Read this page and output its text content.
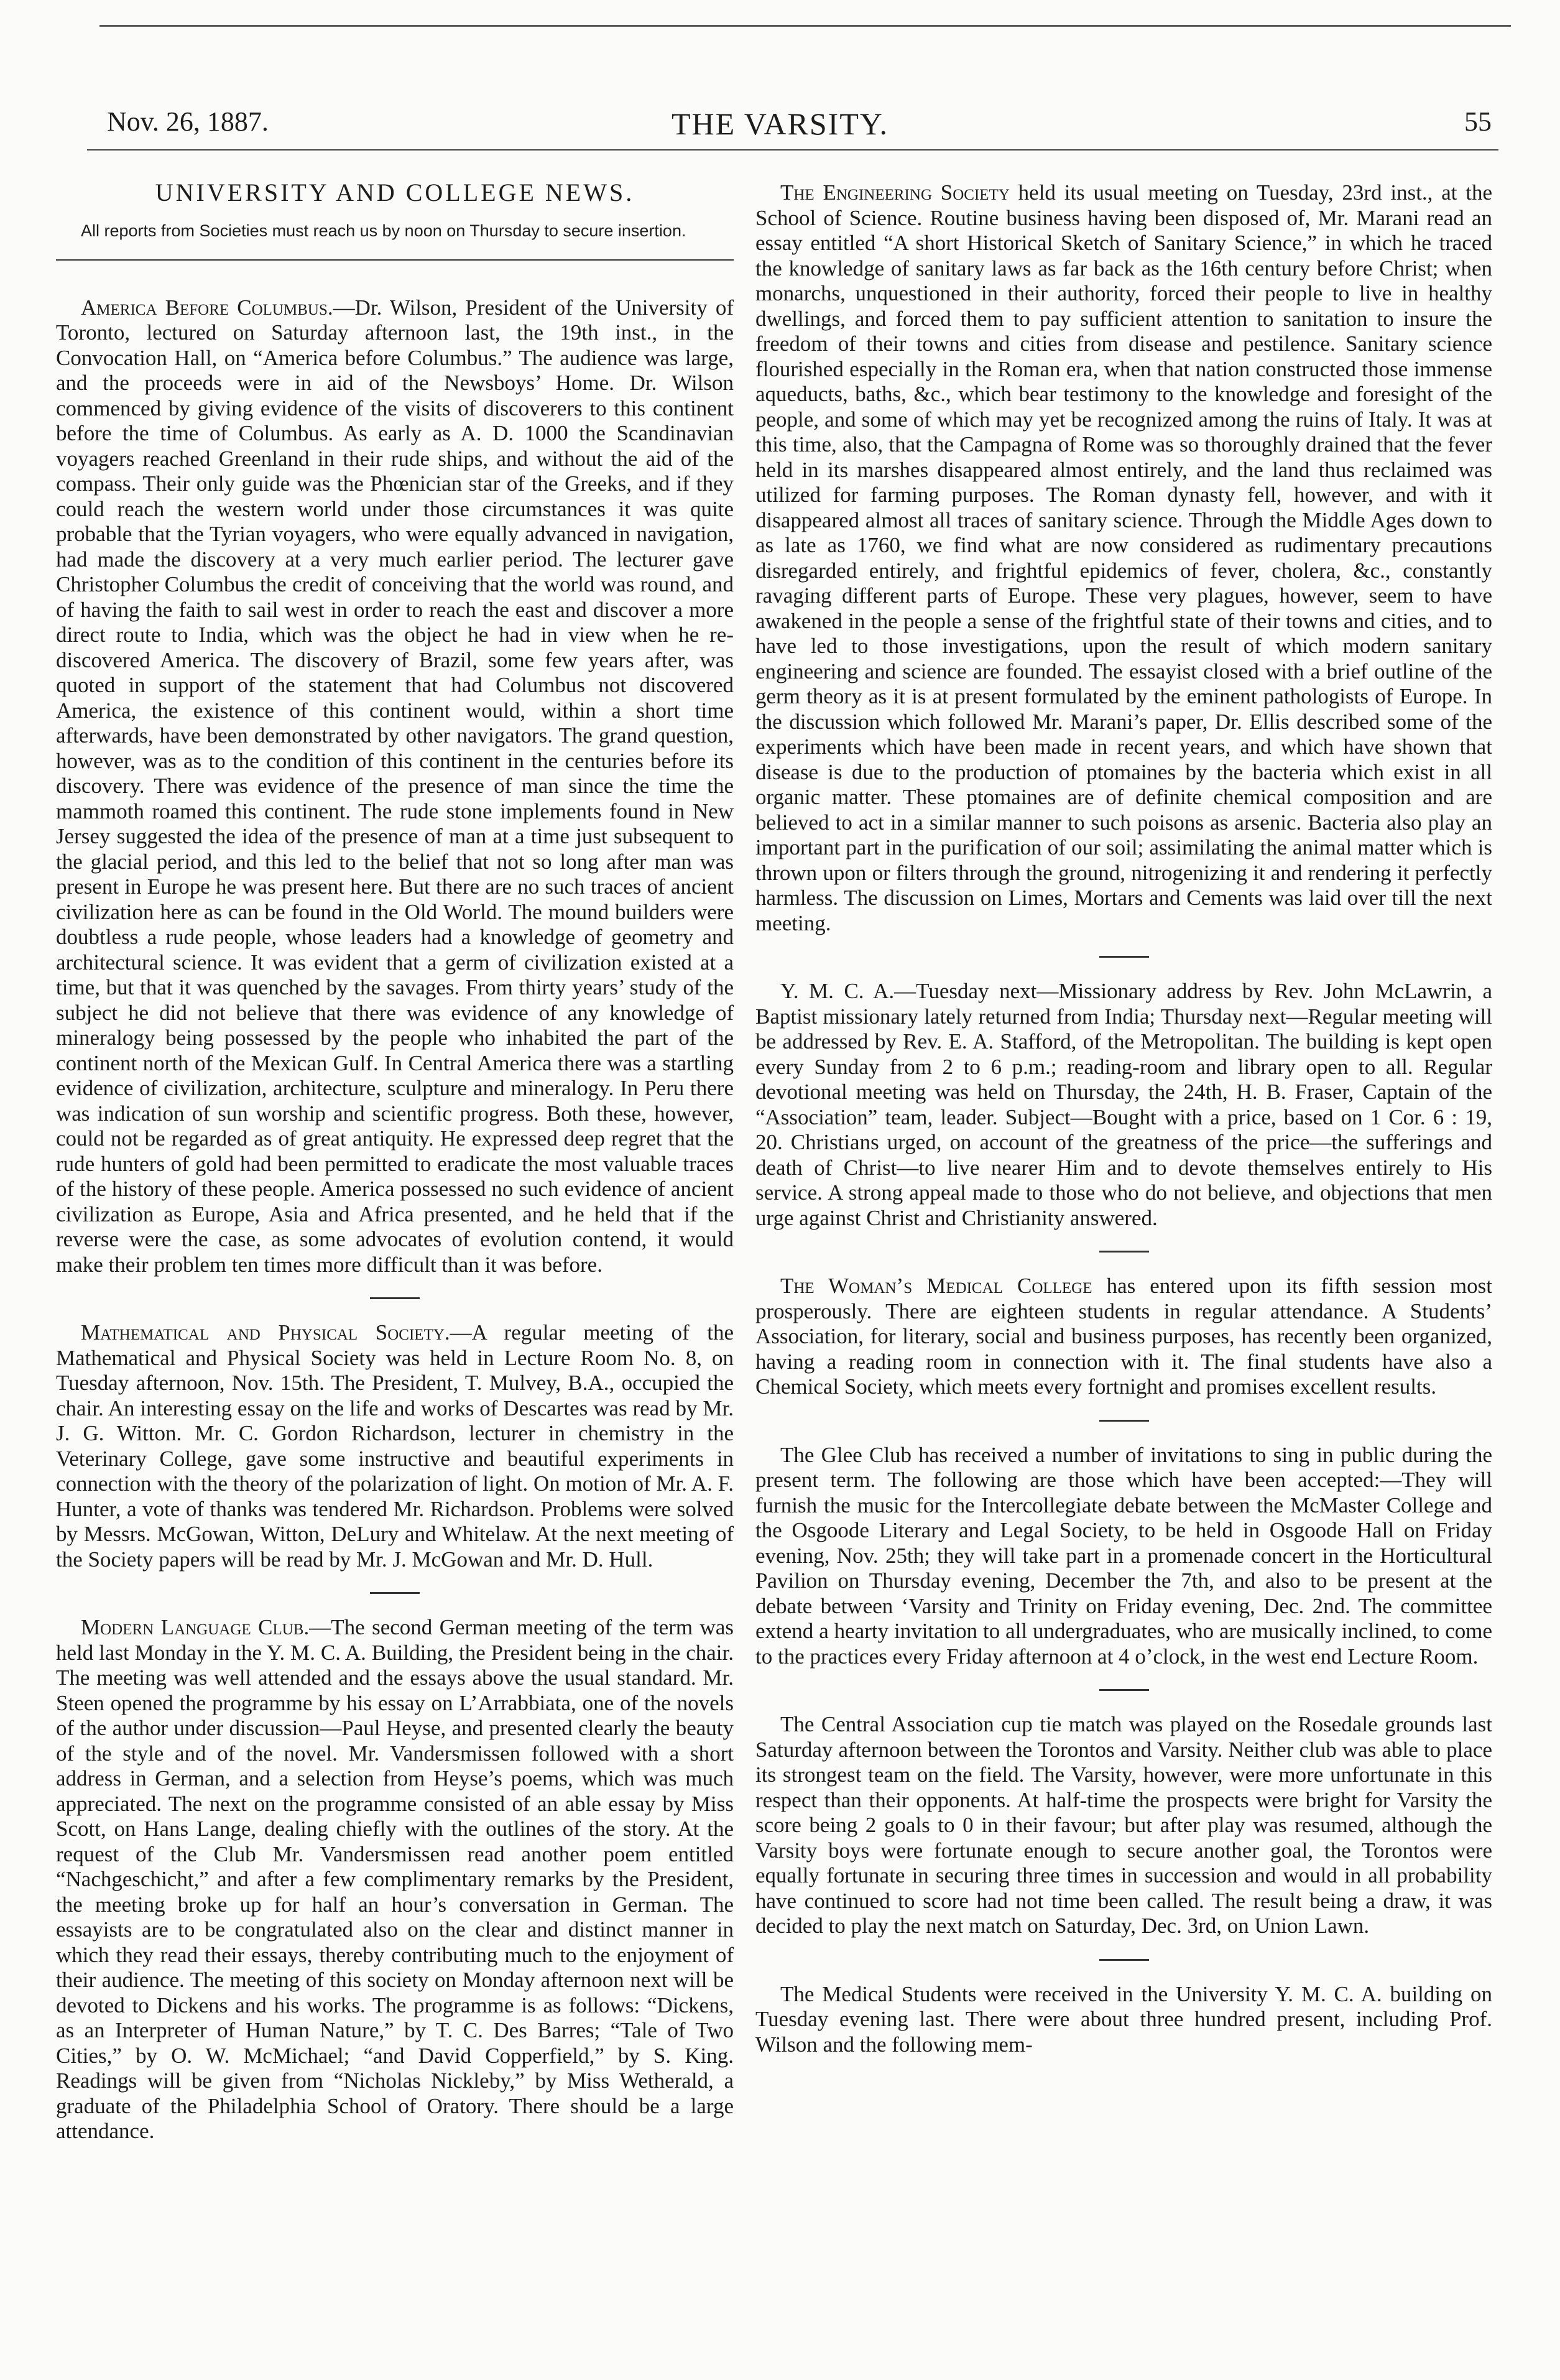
Nov. 26, 1887.	THE VARSITY.	55
UNIVERSITY AND COLLEGE NEWS.
All reports from Societies must reach us by noon on Thursday to secure insertion.

America Before Columbus.—Dr. Wilson, President of the University of Toronto, lectured on Saturday afternoon last, the 19th inst., in the Convocation Hall, on “America before Columbus.” The audience was large, and the proceeds were in aid of the Newsboys’ Home. Dr. Wilson commenced by giving evidence of the visits of discoverers to this continent before the time of Columbus. As early as A. D. 1000 the Scandinavian voyagers reached Greenland in their rude ships, and without the aid of the compass. Their only guide was the Phœnician star of the Greeks, and if they could reach the western world under those circumstances it was quite probable that the Tyrian voyagers, who were equally advanced in navigation, had made the discovery at a very much earlier period. The lecturer gave Christopher Columbus the credit of conceiving that the world was round, and of having the faith to sail west in order to reach the east and discover a more direct route to India, which was the object he had in view when he re-discovered America. The discovery of Brazil, some few years after, was quoted in support of the statement that had Columbus not discovered America, the existence of this continent would, within a short time afterwards, have been demonstrated by other navigators. The grand question, however, was as to the condition of this continent in the centuries before its discovery. There was evidence of the presence of man since the time the mammoth roamed this continent. The rude stone implements found in New Jersey suggested the idea of the presence of man at a time just subsequent to the glacial period, and this led to the belief that not so long after man was present in Europe he was present here. But there are no such traces of ancient civilization here as can be found in the Old World. The mound builders were doubtless a rude people, whose leaders had a knowledge of geometry and architectural science. It was evident that a germ of civilization existed at a time, but that it was quenched by the savages. From thirty years’ study of the subject he did not believe that there was evidence of any knowledge of mineralogy being possessed by the people who inhabited the part of the continent north of the Mexican Gulf. In Central America there was a startling evidence of civilization, architecture, sculpture and mineralogy. In Peru there was indication of sun worship and scientific progress. Both these, however, could not be regarded as of great antiquity. He expressed deep regret that the rude hunters of gold had been permitted to eradicate the most valuable traces of the history of these people. America possessed no such evidence of ancient civilization as Europe, Asia and Africa presented, and he held that if the reverse were the case, as some advocates of evolution contend, it would make their problem ten times more difficult than it was before.

Mathematical and Physical Society.—A regular meeting of the Mathematical and Physical Society was held in Lecture Room No. 8, on Tuesday afternoon, Nov. 15th. The President, T. Mulvey, B.A., occupied the chair. An interesting essay on the life and works of Descartes was read by Mr. J. G. Witton. Mr. C. Gordon Richardson, lecturer in chemistry in the Veterinary College, gave some instructive and beautiful experiments in connection with the theory of the polarization of light. On motion of Mr. A. F. Hunter, a vote of thanks was tendered Mr. Richardson. Problems were solved by Messrs. McGowan, Witton, DeLury and Whitelaw. At the next meeting of the Society papers will be read by Mr. J. McGowan and Mr. D. Hull.

Modern Language Club.—The second German meeting of the term was held last Monday in the Y. M. C. A. Building, the President being in the chair. The meeting was well attended and the essays above the usual standard. Mr. Steen opened the programme by his essay on L’Arrabbiata, one of the novels of the author under discussion—Paul Heyse, and presented clearly the beauty of the style and of the novel. Mr. Vandersmissen followed with a short address in German, and a selection from Heyse’s poems, which was much appreciated. The next on the programme consisted of an able essay by Miss Scott, on Hans Lange, dealing chiefly with the outlines of the story. At the request of the Club Mr. Vandersmissen read another poem entitled “Nachgeschicht,” and after a few complimentary remarks by the President, the meeting broke up for half an hour’s conversation in German. The essayists are to be congratulated also on the clear and distinct manner in which they read their essays, thereby contributing much to the enjoyment of their audience. The meeting of this society on Monday afternoon next will be devoted to Dickens and his works. The programme is as follows: “Dickens, as an Interpreter of Human Nature,” by T. C. Des Barres; “Tale of Two Cities,” by O. W. McMichael; “and David Copperfield,” by S. King. Readings will be given from “Nicholas Nickleby,” by Miss Wetherald, a graduate of the Philadelphia School of Oratory. There should be a large attendance.

The Engineering Society held its usual meeting on Tuesday, 23rd inst., at the School of Science. Routine business having been disposed of, Mr. Marani read an essay entitled “A short Historical Sketch of Sanitary Science,” in which he traced the knowledge of sanitary laws as far back as the 16th century before Christ; when monarchs, unquestioned in their authority, forced their people to live in healthy dwellings, and forced them to pay sufficient attention to sanitation to insure the freedom of their towns and cities from disease and pestilence. Sanitary science flourished especially in the Roman era, when that nation constructed those immense aqueducts, baths, &c., which bear testimony to the knowledge and foresight of the people, and some of which may yet be recognized among the ruins of Italy. It was at this time, also, that the Campagna of Rome was so thoroughly drained that the fever held in its marshes disappeared almost entirely, and the land thus reclaimed was utilized for farming purposes. The Roman dynasty fell, however, and with it disappeared almost all traces of sanitary science. Through the Middle Ages down to as late as 1760, we find what are now considered as rudimentary precautions disregarded entirely, and frightful epidemics of fever, cholera, &c., constantly ravaging different parts of Europe. These very plagues, however, seem to have awakened in the people a sense of the frightful state of their towns and cities, and to have led to those investigations, upon the result of which modern sanitary engineering and science are founded. The essayist closed with a brief outline of the germ theory as it is at present formulated by the eminent pathologists of Europe. In the discussion which followed Mr. Marani’s paper, Dr. Ellis described some of the experiments which have been made in recent years, and which have shown that disease is due to the production of ptomaines by the bacteria which exist in all organic matter. These ptomaines are of definite chemical composition and are believed to act in a similar manner to such poisons as arsenic. Bacteria also play an important part in the purification of our soil; assimilating the animal matter which is thrown upon or filters through the ground, nitrogenizing it and rendering it perfectly harmless. The discussion on Limes, Mortars and Cements was laid over till the next meeting.

Y. M. C. A.—Tuesday next—Missionary address by Rev. John McLawrin, a Baptist missionary lately returned from India; Thursday next—Regular meeting will be addressed by Rev. E. A. Stafford, of the Metropolitan. The building is kept open every Sunday from 2 to 6 p.m.; reading-room and library open to all. Regular devotional meeting was held on Thursday, the 24th, H. B. Fraser, Captain of the “Association” team, leader. Subject—Bought with a price, based on 1 Cor. 6 : 19, 20. Christians urged, on account of the greatness of the price—the sufferings and death of Christ—to live nearer Him and to devote themselves entirely to His service. A strong appeal made to those who do not believe, and objections that men urge against Christ and Christianity answered.

The Woman’s Medical College has entered upon its fifth session most prosperously. There are eighteen students in regular attendance. A Students’ Association, for literary, social and business purposes, has recently been organized, having a reading room in connection with it. The final students have also a Chemical Society, which meets every fortnight and promises excellent results.

The Glee Club has received a number of invitations to sing in public during the present term. The following are those which have been accepted:—They will furnish the music for the Intercollegiate debate between the McMaster College and the Osgoode Literary and Legal Society, to be held in Osgoode Hall on Friday evening, Nov. 25th; they will take part in a promenade concert in the Horticultural Pavilion on Thursday evening, December the 7th, and also to be present at the debate between ‘Varsity and Trinity on Friday evening, Dec. 2nd. The committee extend a hearty invitation to all undergraduates, who are musically inclined, to come to the practices every Friday afternoon at 4 o’clock, in the west end Lecture Room.

The Central Association cup tie match was played on the Rosedale grounds last Saturday afternoon between the Torontos and Varsity. Neither club was able to place its strongest team on the field. The Varsity, however, were more unfortunate in this respect than their opponents. At half-time the prospects were bright for Varsity the score being 2 goals to 0 in their favour; but after play was resumed, although the Varsity boys were fortunate enough to secure another goal, the Torontos were equally fortunate in securing three times in succession and would in all probability have continued to score had not time been called. The result being a draw, it was decided to play the next match on Saturday, Dec. 3rd, on Union Lawn.

The Medical Students were received in the University Y. M. C. A. building on Tuesday evening last. There were about three hundred present, including Prof. Wilson and the following mem-
